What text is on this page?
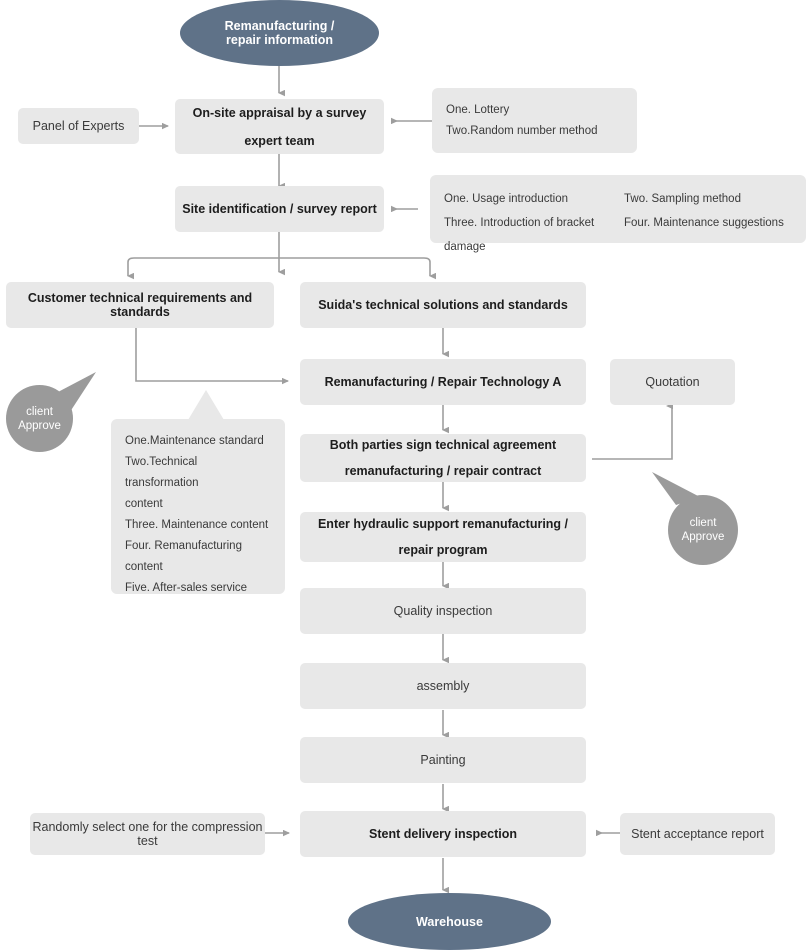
Remanufacturing /
repair information
On-site appraisal by a survey
expert team
Panel of Experts
One. Lottery
Two.Random number method
Site identification / survey report
One. Usage introduction	Two. Sampling method
Three. Introduction of bracket damage
Four. Maintenance suggestions
Customer technical requirements and standards	Suida's technical solutions and standards
client
Approve
Remanufacturing / Repair Technology A	Quotation
Both parties sign technical agreement
remanufacturing / repair contract
client
Approve
Enter hydraulic support remanufacturing /
repair program
One.Maintenance standard
Two.Technical transformation
content
Three. Maintenance content
Four. Remanufacturing content
Five. After-sales service
Quality inspection
assembly
Painting
Stent delivery inspection
Randomly select one for the compression test	Stent acceptance report
Warehouse
